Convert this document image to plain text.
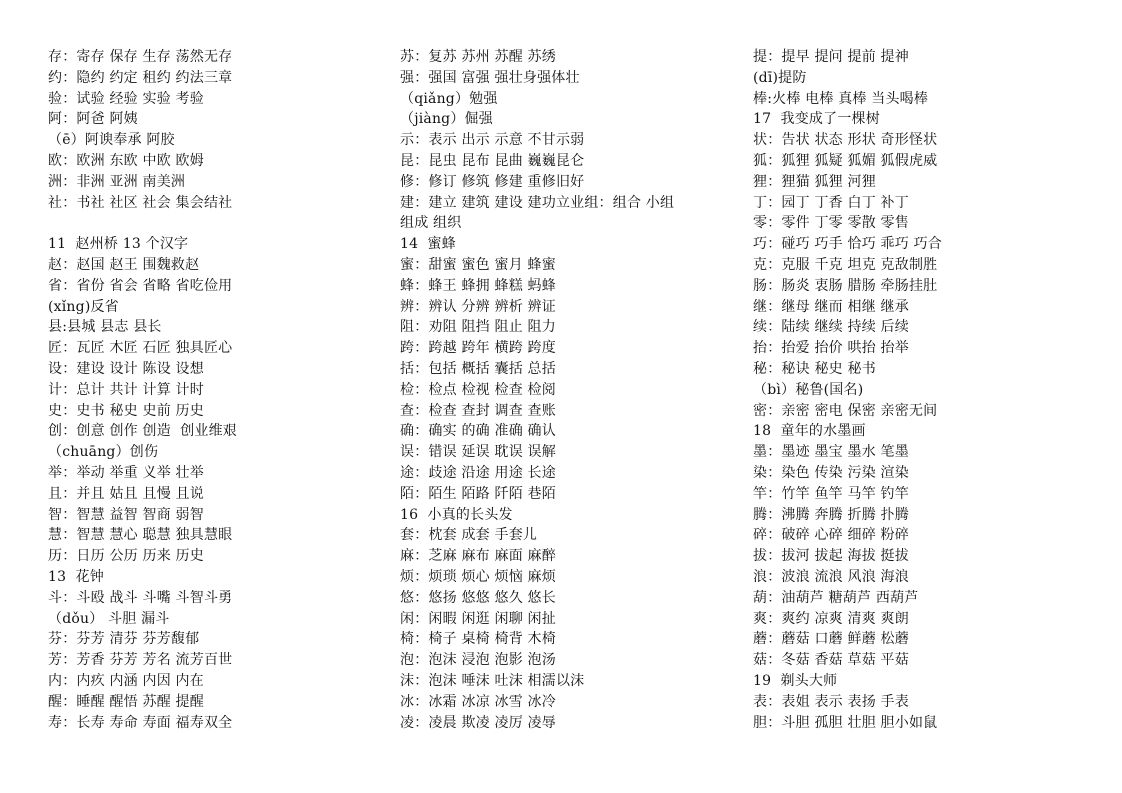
存：寄存 保存 生存 荡然无存
约：隐约 约定 租约 约法三章
验：试验 经验 实验 考验
阿：阿爸 阿姨
（ē）阿谀奉承 阿胶
欧：欧洲 东欧 中欧 欧姆
洲：非洲 亚洲 南美洲
社：书社 社区 社会 集会结社
11  赵州桥 13 个汉字
赵：赵国 赵王 围魏救赵
省：省份 省会 省略 省吃俭用
(xǐng)反省
县:县城 县志 县长
匠：瓦匠 木匠 石匠 独具匠心
设：建设 设计 陈设 设想
计：总计 共计 计算 计时
史：史书 秘史 史前 历史
创：创意 创作 创造  创业维艰
（chuāng）创伤
举：举动 举重 义举 壮举
且：并且 姑且 且慢 且说
智：智慧 益智 智商 弱智
慧：智慧 慧心 聪慧 独具慧眼
历：日历 公历 历来 历史
13  花钟
斗：斗殴 战斗 斗嘴 斗智斗勇
（dǒu） 斗胆 漏斗
芬：芬芳 清芬 芬芳馥郁
芳：芳香 芬芳 芳名 流芳百世
内：内疚 内涵 内因 内在
醒：睡醒 醒悟 苏醒 提醒
寿：长寿 寿命 寿面 福寿双全
苏：复苏 苏州 苏醒 苏绣
强：强国 富强 强壮身强体壮
（qiǎng）勉强
（jiàng）倔强
示：表示 出示 示意 不甘示弱
昆：昆虫 昆布 昆曲 巍巍昆仑
修：修订 修筑 修建 重修旧好
建：建立 建筑 建设 建功立业组：组合 小组
组成 组织
14  蜜蜂
蜜：甜蜜 蜜色 蜜月 蜂蜜
蜂：蜂王 蜂拥 蜂糕 蚂蜂
辨：辨认 分辨 辨析 辨证
阻：劝阻 阻挡 阻止 阻力
跨：跨越 跨年 横跨 跨度
括：包括 概括 囊括 总括
检：检点 检视 检查 检阅
查：检查 查封 调查 查账
确：确实 的确 准确 确认
误：错误 延误 耽误 误解
途：歧途 沿途 用途 长途
陌：陌生 陌路 阡陌 巷陌
16  小真的长头发
套：枕套 成套 手套儿
麻：芝麻 麻布 麻面 麻醉
烦：烦琐 烦心 烦恼 麻烦
悠：悠扬 悠悠 悠久 悠长
闲：闲暇 闲逛 闲聊 闲扯
椅：椅子 桌椅 椅背 木椅
泡：泡沫 浸泡 泡影 泡汤
沫：泡沫 唾沫 吐沫 相濡以沫
冰：冰霜 冰凉 冰雪 冰冷
凌：凌晨 欺凌 凌厉 凌辱
提：提早 提问 提前 提神
(dī)提防
棒:火棒 电棒 真棒 当头喝棒
17  我变成了一棵树
状：告状 状态 形状 奇形怪状
狐：狐狸 狐疑 狐媚 狐假虎威
狸：狸猫 狐狸 河狸
丁：园丁 丁香 白丁 补丁
零：零件 丁零 零散 零售
巧：碰巧 巧手 恰巧 乖巧 巧合
克：克服 千克 坦克 克敌制胜
肠：肠炎 衷肠 腊肠 牵肠挂肚
继：继母 继而 相继 继承
续：陆续 继续 持续 后续
抬：抬爱 抬价 哄抬 抬举
秘：秘诀 秘史 秘书
（bì）秘鲁(国名)
密：亲密 密电 保密 亲密无间
18  童年的水墨画
墨：墨迹 墨宝 墨水 笔墨
染：染色 传染 污染 渲染
竿：竹竿 鱼竿 马竿 钓竿
腾：沸腾 奔腾 折腾 扑腾
碎：破碎 心碎 细碎 粉碎
拔：拔河 拔起 海拔 挺拔
浪：波浪 流浪 风浪 海浪
葫：油葫芦 糖葫芦 西葫芦
爽：爽约 凉爽 清爽 爽朗
蘑：蘑菇 口蘑 鲜蘑 松蘑
菇：冬菇 香菇 草菇 平菇
19  剃头大师
表：表姐 表示 表扬 手表
胆：斗胆 孤胆 壮胆 胆小如鼠
